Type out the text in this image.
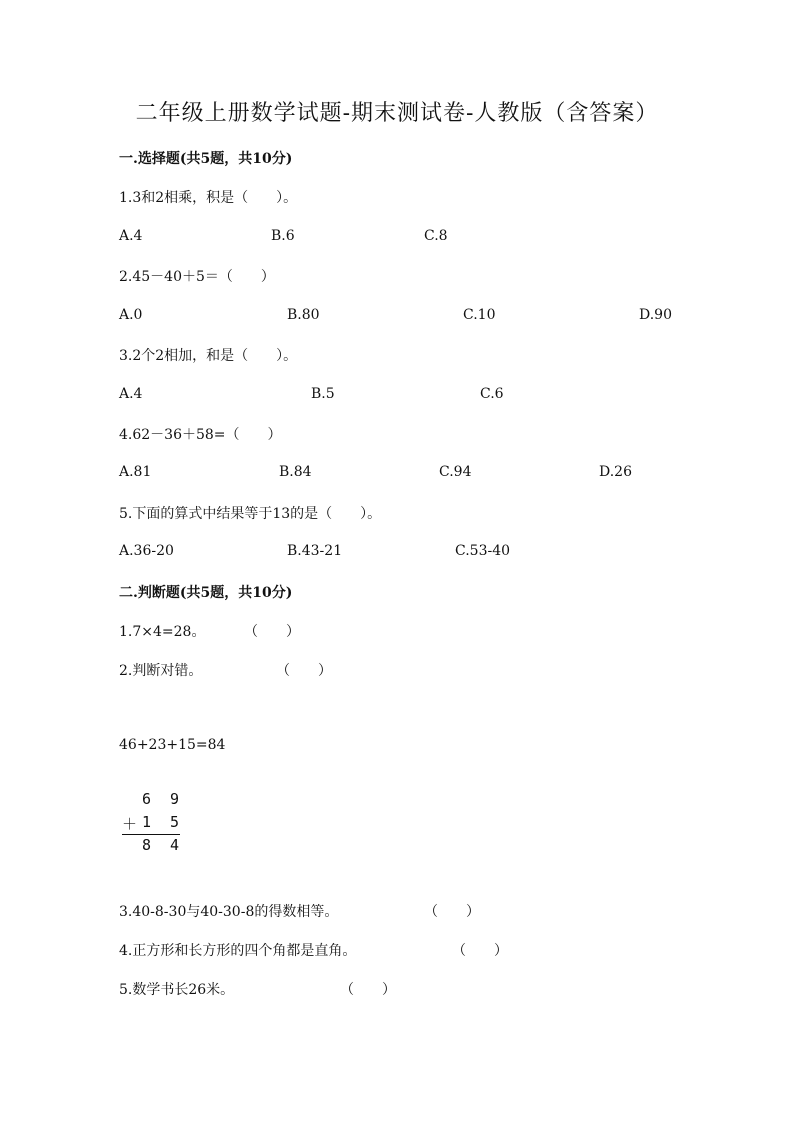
二年级上册数学试题-期末测试卷-人教版（含答案）
一.选择题(共5题，共10分)
1.3和2相乘，积是（　　）。
A.4	B.6	C.8
2.45－40＋5＝（　　）
A.0	B.80	C.10	D.90
3.2个2相加，和是（　　）。
A.4	B.5	C.6
4.62－36＋58=（　　）
A.81	B.84	C.94	D.26
5.下面的算式中结果等于13的是（　　）。
A.36-20	B.43-21	C.53-40
二.判断题(共5题，共10分)
1.7×4=28。	（　　）
2.判断对错。	（　　）
46+23+15=84
6 9
＋ 1 5
8 4
3.40-8-30与40-30-8的得数相等。	（　　）
4.正方形和长方形的四个角都是直角。	（　　）
5.数学书长26米。	（　　）
